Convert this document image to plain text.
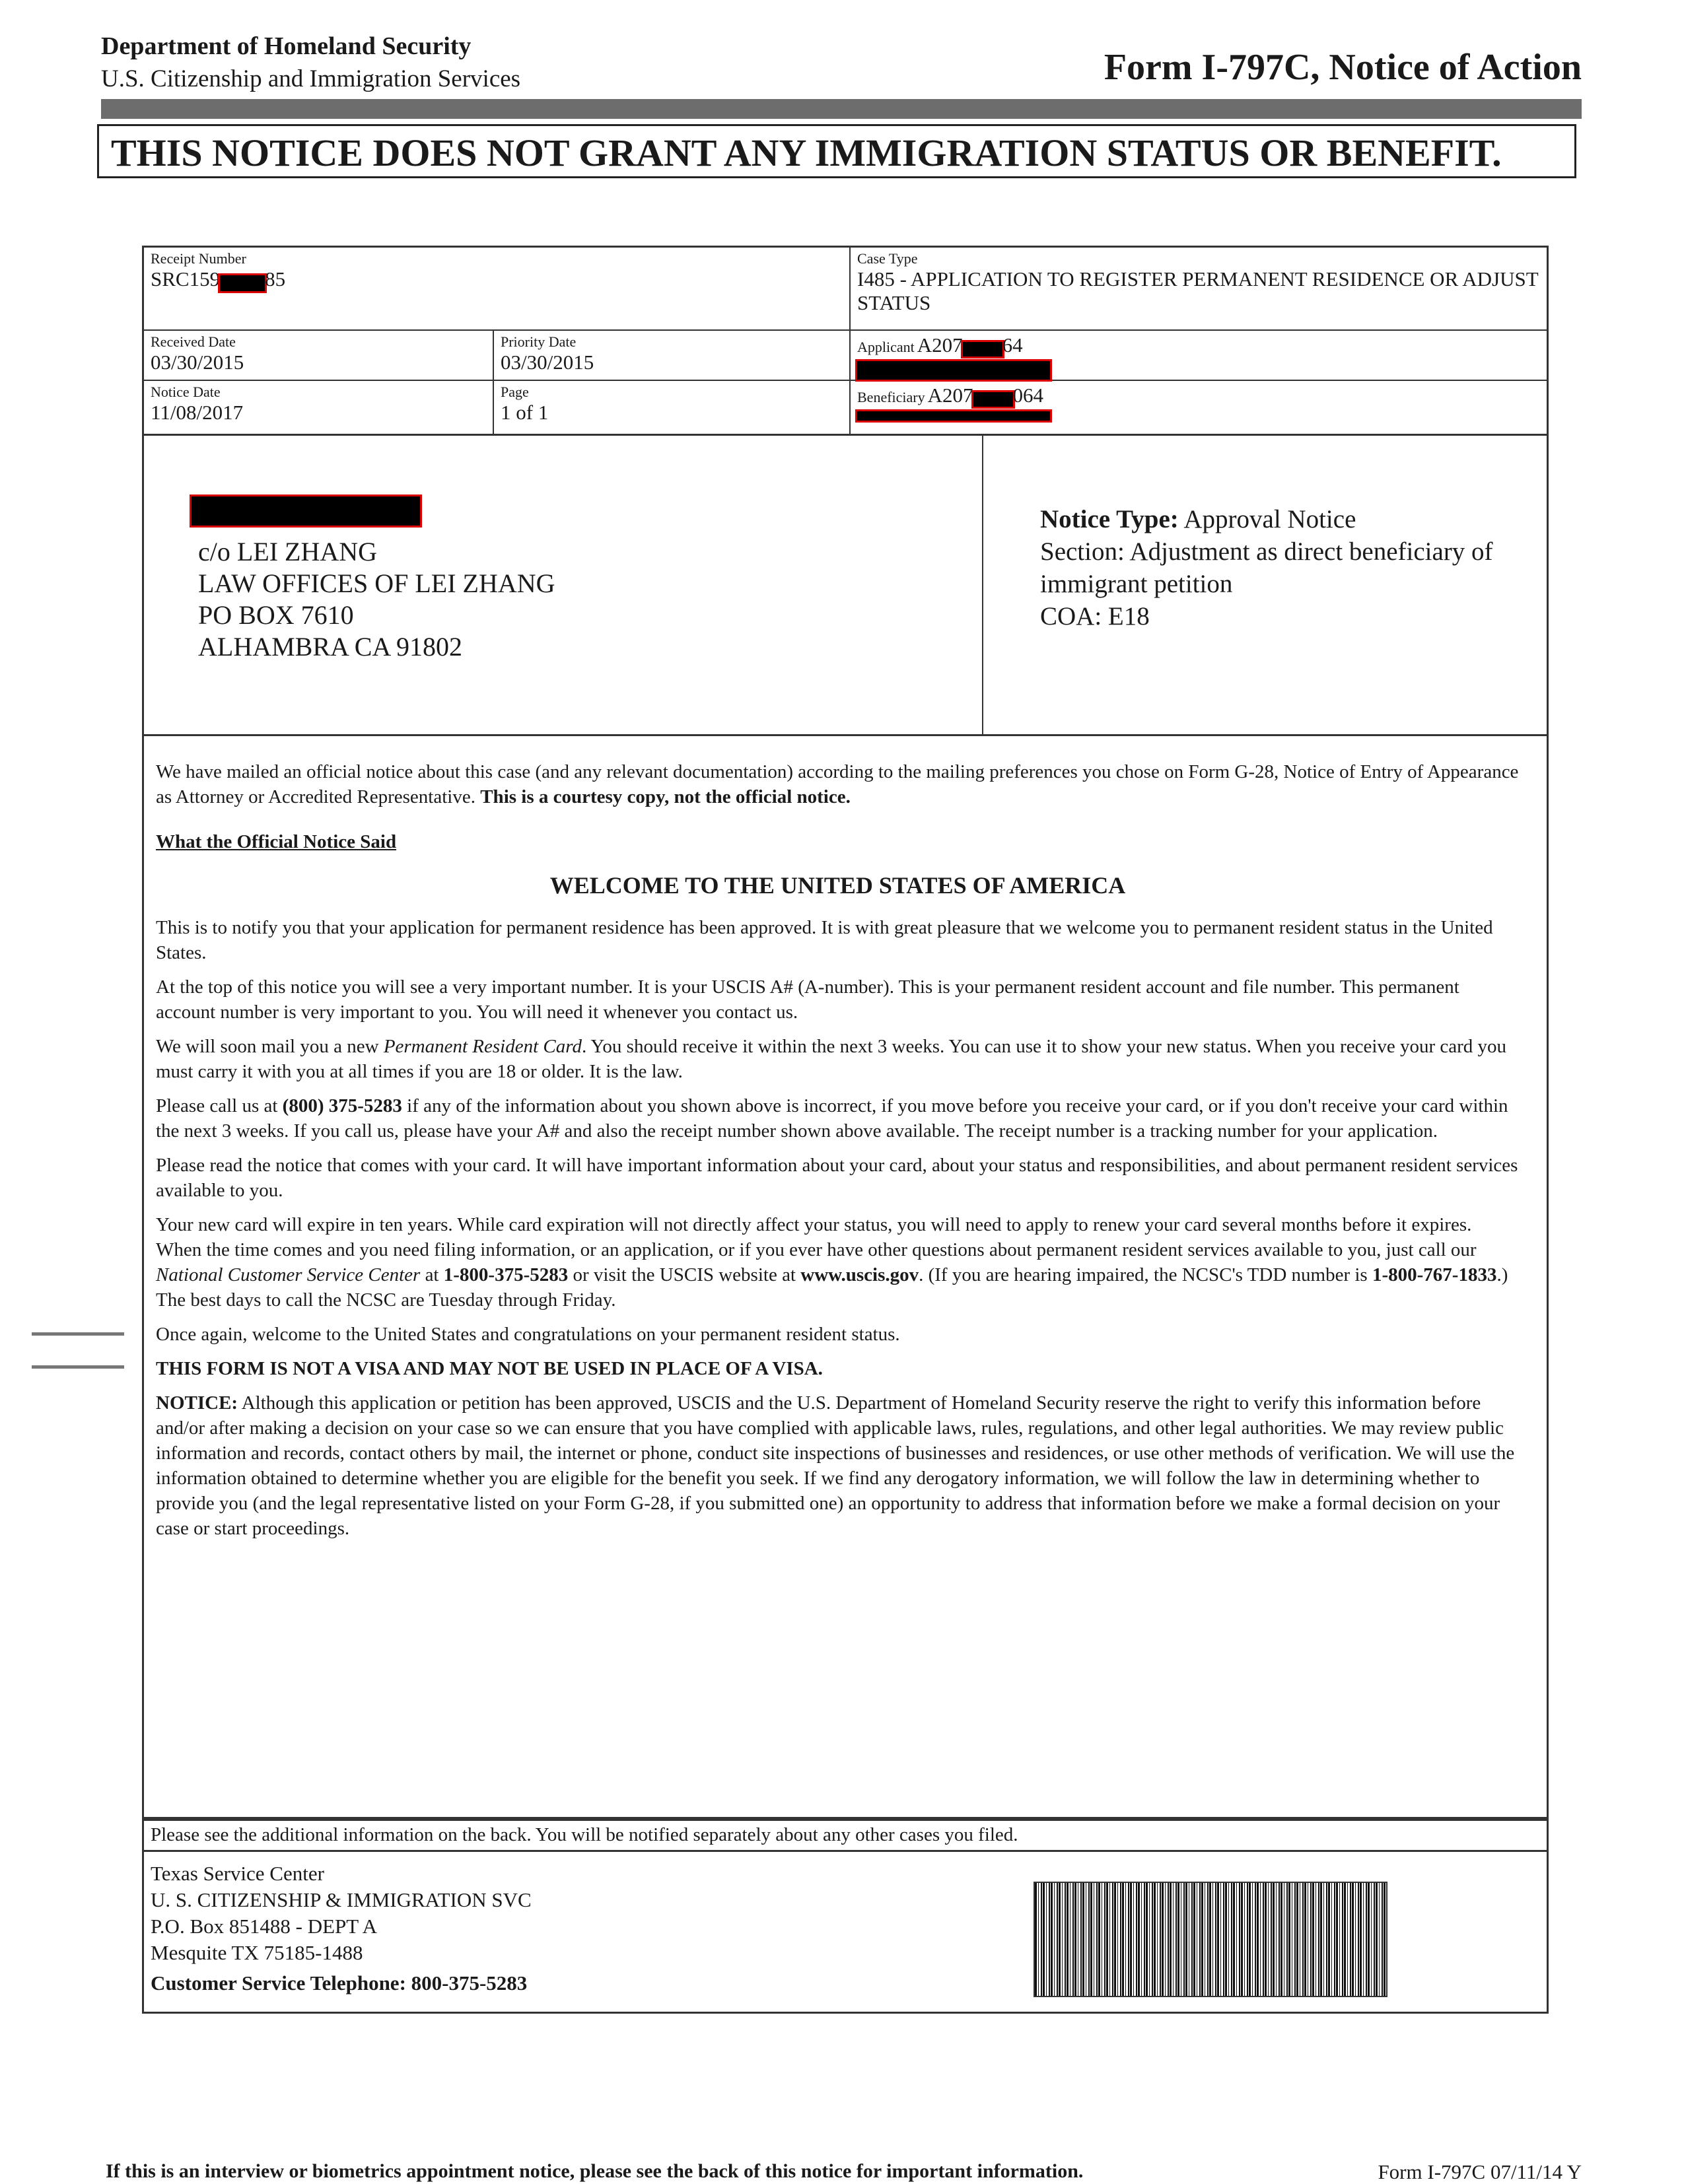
Department of Homeland Security
U.S. Citizenship and Immigration Services	Form I-797C, Notice of Action
THIS NOTICE DOES NOT GRANT ANY IMMIGRATION STATUS OR BENEFIT.
Receipt Number
SRC159 85
Case Type
I485 - APPLICATION TO REGISTER PERMANENT RESIDENCE OR ADJUST STATUS
Received Date
03/30/2015
Priority Date
03/30/2015
Applicant A207 64
Notice Date
11/08/2017
Page
1 of 1
Beneficiary A207 064
c/o LEI ZHANG
LAW OFFICES OF LEI ZHANG
PO BOX 7610
ALHAMBRA CA 91802
Notice Type: Approval Notice
Section: Adjustment as direct beneficiary of immigrant petition
COA: E18

We have mailed an official notice about this case (and any relevant documentation) according to the mailing preferences you chose on Form G-28, Notice of Entry of Appearance as Attorney or Accredited Representative. This is a courtesy copy, not the official notice.

What the Official Notice Said

WELCOME TO THE UNITED STATES OF AMERICA

This is to notify you that your application for permanent residence has been approved. It is with great pleasure that we welcome you to permanent resident status in the United States.

At the top of this notice you will see a very important number. It is your USCIS A# (A-number). This is your permanent resident account and file number. This permanent account number is very important to you. You will need it whenever you contact us.

We will soon mail you a new Permanent Resident Card. You should receive it within the next 3 weeks. You can use it to show your new status. When you receive your card you must carry it with you at all times if you are 18 or older. It is the law.

Please call us at (800) 375-5283 if any of the information about you shown above is incorrect, if you move before you receive your card, or if you don't receive your card within the next 3 weeks. If you call us, please have your A# and also the receipt number shown above available. The receipt number is a tracking number for your application.

Please read the notice that comes with your card. It will have important information about your card, about your status and responsibilities, and about permanent resident services available to you.

Your new card will expire in ten years. While card expiration will not directly affect your status, you will need to apply to renew your card several months before it expires. When the time comes and you need filing information, or an application, or if you ever have other questions about permanent resident services available to you, just call our National Customer Service Center at 1-800-375-5283 or visit the USCIS website at www.uscis.gov. (If you are hearing impaired, the NCSC's TDD number is 1-800-767-1833.) The best days to call the NCSC are Tuesday through Friday.

Once again, welcome to the United States and congratulations on your permanent resident status.

THIS FORM IS NOT A VISA AND MAY NOT BE USED IN PLACE OF A VISA.

NOTICE: Although this application or petition has been approved, USCIS and the U.S. Department of Homeland Security reserve the right to verify this information before and/or after making a decision on your case so we can ensure that you have complied with applicable laws, rules, regulations, and other legal authorities. We may review public information and records, contact others by mail, the internet or phone, conduct site inspections of businesses and residences, or use other methods of verification. We will use the information obtained to determine whether you are eligible for the benefit you seek. If we find any derogatory information, we will follow the law in determining whether to provide you (and the legal representative listed on your Form G-28, if you submitted one) an opportunity to address that information before we make a formal decision on your case or start proceedings.

Please see the additional information on the back. You will be notified separately about any other cases you filed.
Texas Service Center
U. S. CITIZENSHIP & IMMIGRATION SVC
P.O. Box 851488 - DEPT A
Mesquite TX 75185-1488
Customer Service Telephone: 800-375-5283
If this is an interview or biometrics appointment notice, please see the back of this notice for important information.	Form I-797C 07/11/14 Y
